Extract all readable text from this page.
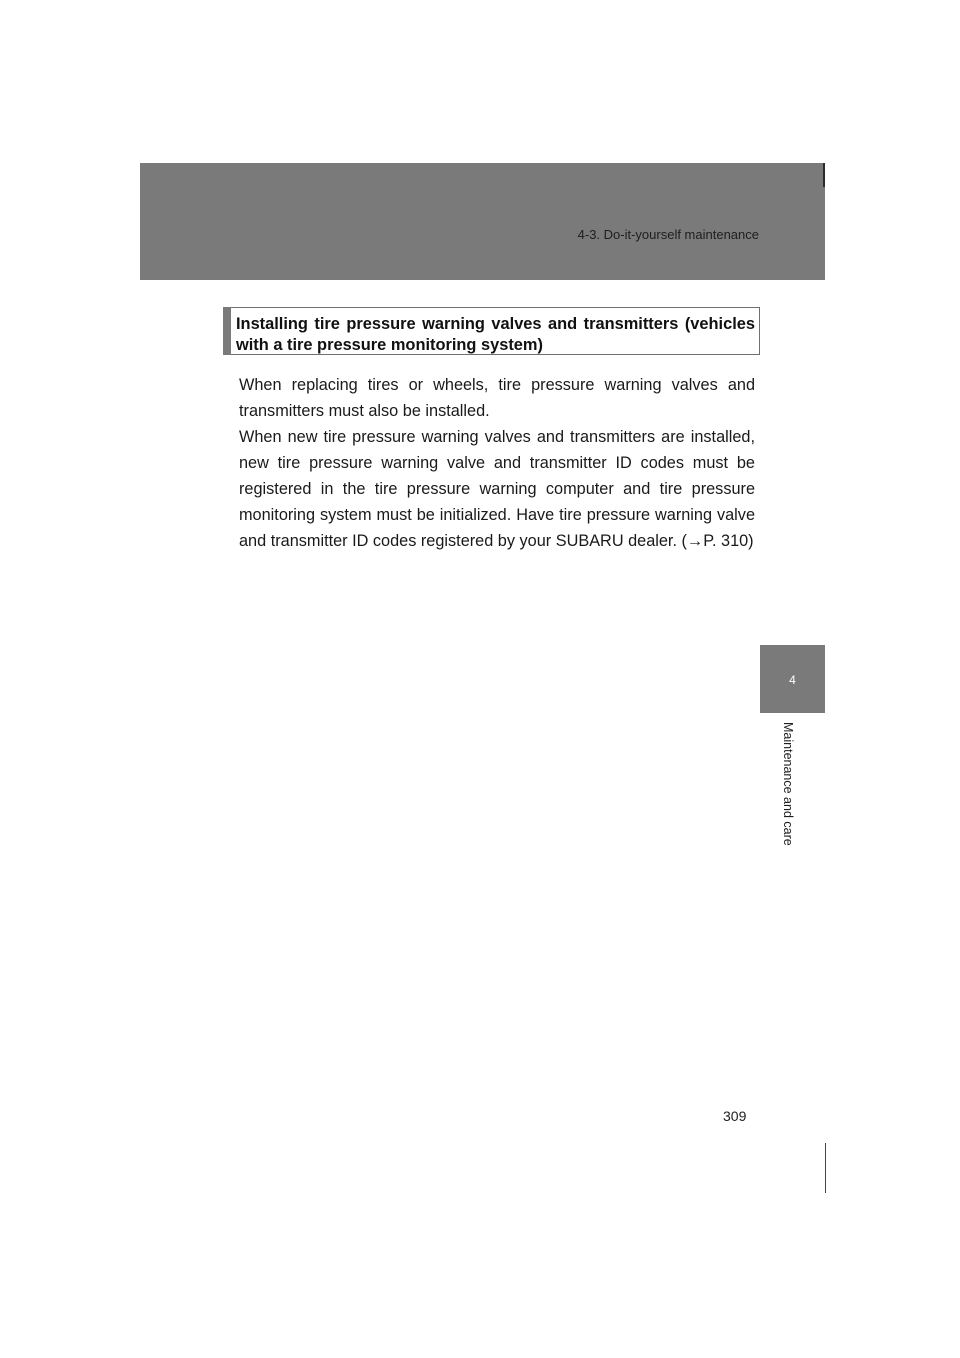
4-3. Do-it-yourself maintenance
4
Maintenance and care
Installing tire pressure warning valves and transmitters (vehicles with a tire pressure monitoring system)

When replacing tires or wheels, tire pressure warning valves and transmitters must also be installed.

When new tire pressure warning valves and transmitters are installed, new tire pressure warning valve and transmitter ID codes must be registered in the tire pressure warning computer and tire pressure monitoring system must be initialized. Have tire pressure warning valve and transmitter ID codes registered by your SUBARU dealer. (→P. 310)

309
